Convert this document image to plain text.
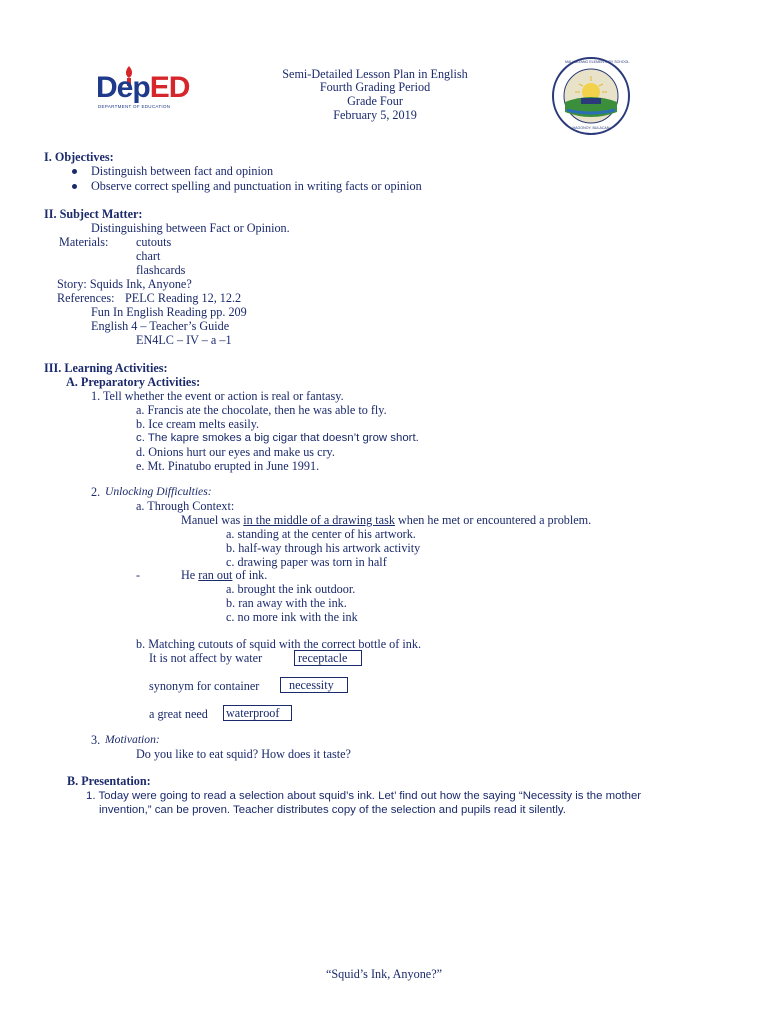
DepED
DEPARTMENT OF EDUCATION
Semi-Detailed Lesson Plan in English
Fourth Grading Period
Grade Four
February 5, 2019
MALIGAYANG ELEMENTARY SCHOOL
HAGONOY, BULACAN
I. Objectives:
Distinguish between fact and opinion
Observe correct spelling and punctuation in writing facts or opinion
II. Subject Matter:
Distinguishing between Fact or Opinion.
Materials: cutouts
chart
flashcards
Story: Squids Ink, Anyone?
References: PELC Reading 12, 12.2
Fun In English Reading pp. 209
English 4 – Teacher’s Guide
EN4LC – IV – a –1
III. Learning Activities:
A. Preparatory Activities:
1. Tell whether the event or action is real or fantasy.
a. Francis ate the chocolate, then he was able to fly.
b. Ice cream melts easily.
c. The kapre smokes a big cigar that doesn’t grow short.
d. Onions hurt our eyes and make us cry.
e. Mt. Pinatubo erupted in June 1991.
2. Unlocking Difficulties:
a. Through Context:
Manuel was in the middle of a drawing task when he met or encountered a problem.
a. standing at the center of his artwork.
b. half-way through his artwork activity
c. drawing paper was torn in half
-	He ran out of ink.
a. brought the ink outdoor.
b. ran away with the ink.
c. no more ink with the ink
b. Matching cutouts of squid with the correct bottle of ink.
It is not affect by water	receptacle
synonym for container	necessity
a great need waterproof
3. Motivation:
Do you like to eat squid? How does it taste?
B. Presentation:
1. Today were going to read a selection about squid’s ink. Let’ find out how the saying “Necessity is the mother
invention,” can be proven. Teacher distributes copy of the selection and pupils read it silently.
“Squid’s Ink, Anyone?”
